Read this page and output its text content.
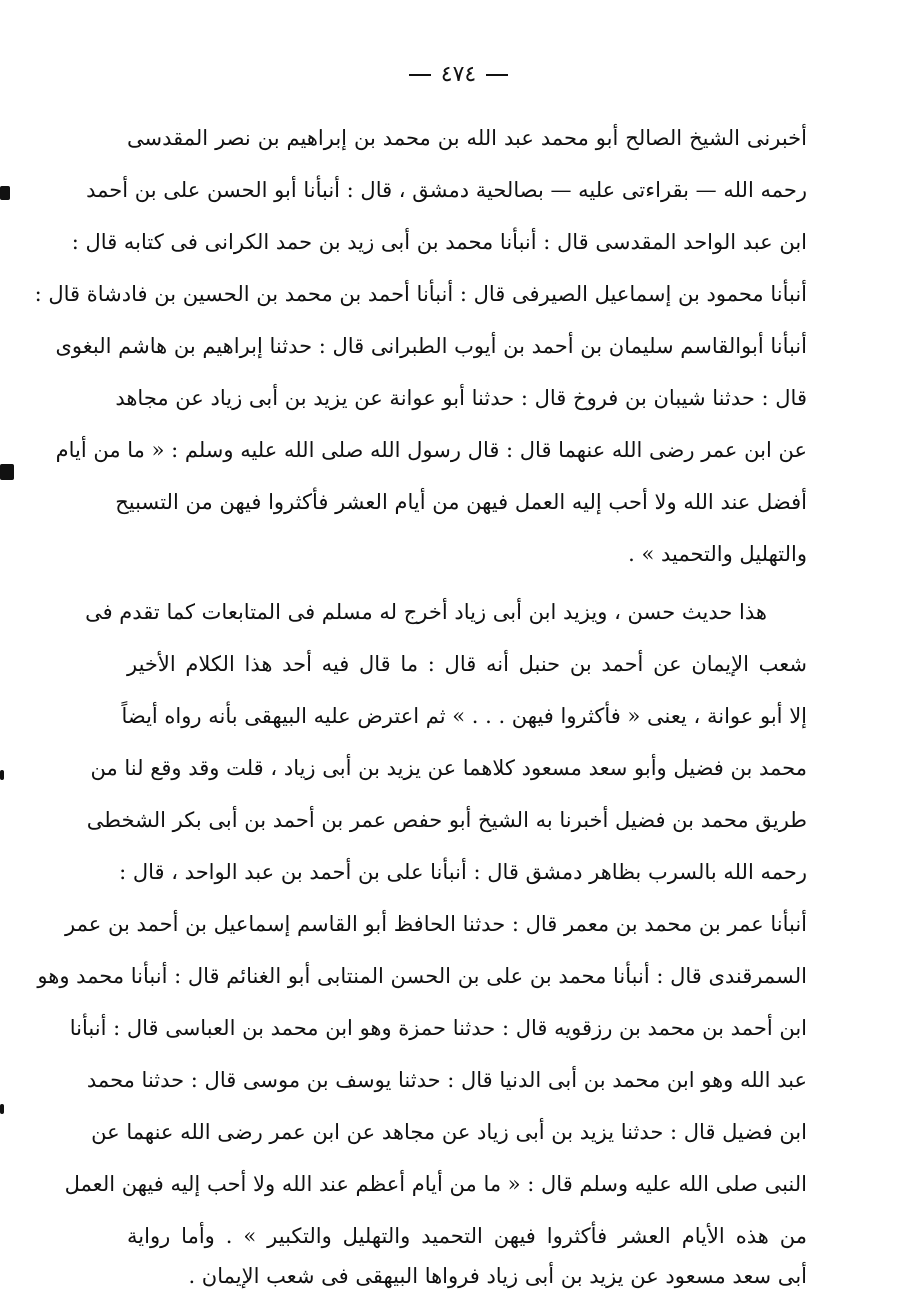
٤٧٤
أخبرنى الشيخ الصالح أبو محمد عبد الله بن محمد بن إبراهيم بن نصر المقدسى
رحمه الله — بقراءتى عليه — بصالحية دمشق ، قال : أنبأنا أبو الحسن على بن أحمد
ابن عبد الواحد المقدسى قال : أنبأنا محمد بن أبى زيد بن حمد الكرانى فى كتابه قال :
أنبأنا محمود بن إسماعيل الصيرفى قال : أنبأنا أحمد بن محمد بن الحسين بن فادشاة قال :
أنبأنا أبوالقاسم سليمان بن أحمد بن أيوب الطبرانى قال : حدثنا إبراهيم بن هاشم البغوى
قال : حدثنا شيبان بن فروخ قال : حدثنا أبو عوانة عن يزيد بن أبى زياد عن مجاهد
عن ابن عمر رضى الله عنهما قال : قال رسول الله صلى الله عليه وسلم : « ما من أيام
أفضل عند الله ولا أحب إليه العمل فيهن من أيام العشر فأكثروا فيهن من التسبيح
والتهليل والتحميد » .
هذا حديث حسن ، ويزيد ابن أبى زياد أخرج له مسلم فى المتابعات كما تقدم فى
شعب الإيمان عن أحمد بن حنبل أنه قال : ما قال فيه أحد هذا الكلام الأخير
إلا أبو عوانة ، يعنى « فأكثروا فيهن . . . » ثم اعترض عليه البيهقى بأنه رواه أيضاً
محمد بن فضيل وأبو سعد مسعود كلاهما عن يزيد بن أبى زياد ، قلت وقد وقع لنا من
طريق محمد بن فضيل أخبرنا به الشيخ أبو حفص عمر بن أحمد بن أبى بكر الشخطى
رحمه الله بالسرب بظاهر دمشق قال : أنبأنا على بن أحمد بن عبد الواحد ، قال :
أنبأنا عمر بن محمد بن معمر قال : حدثنا الحافظ أبو القاسم إسماعيل بن أحمد بن عمر
السمرقندى قال : أنبأنا محمد بن على بن الحسن المنتابى أبو الغنائم قال : أنبأنا محمد وهو
ابن أحمد بن محمد بن رزقويه قال : حدثنا حمزة وهو ابن محمد بن العباسى قال : أنبأنا
عبد الله وهو ابن محمد بن أبى الدنيا قال : حدثنا يوسف بن موسى قال : حدثنا محمد
ابن فضيل قال : حدثنا يزيد بن أبى زياد عن مجاهد عن ابن عمر رضى الله عنهما عن
النبى صلى الله عليه وسلم قال : « ما من أيام أعظم عند الله ولا أحب إليه فيهن العمل
من هذه الأيام العشر فأكثروا فيهن التحميد والتهليل والتكبير » . وأما رواية
أبى سعد مسعود عن يزيد بن أبى زياد فرواها البيهقى فى شعب الإيمان .
